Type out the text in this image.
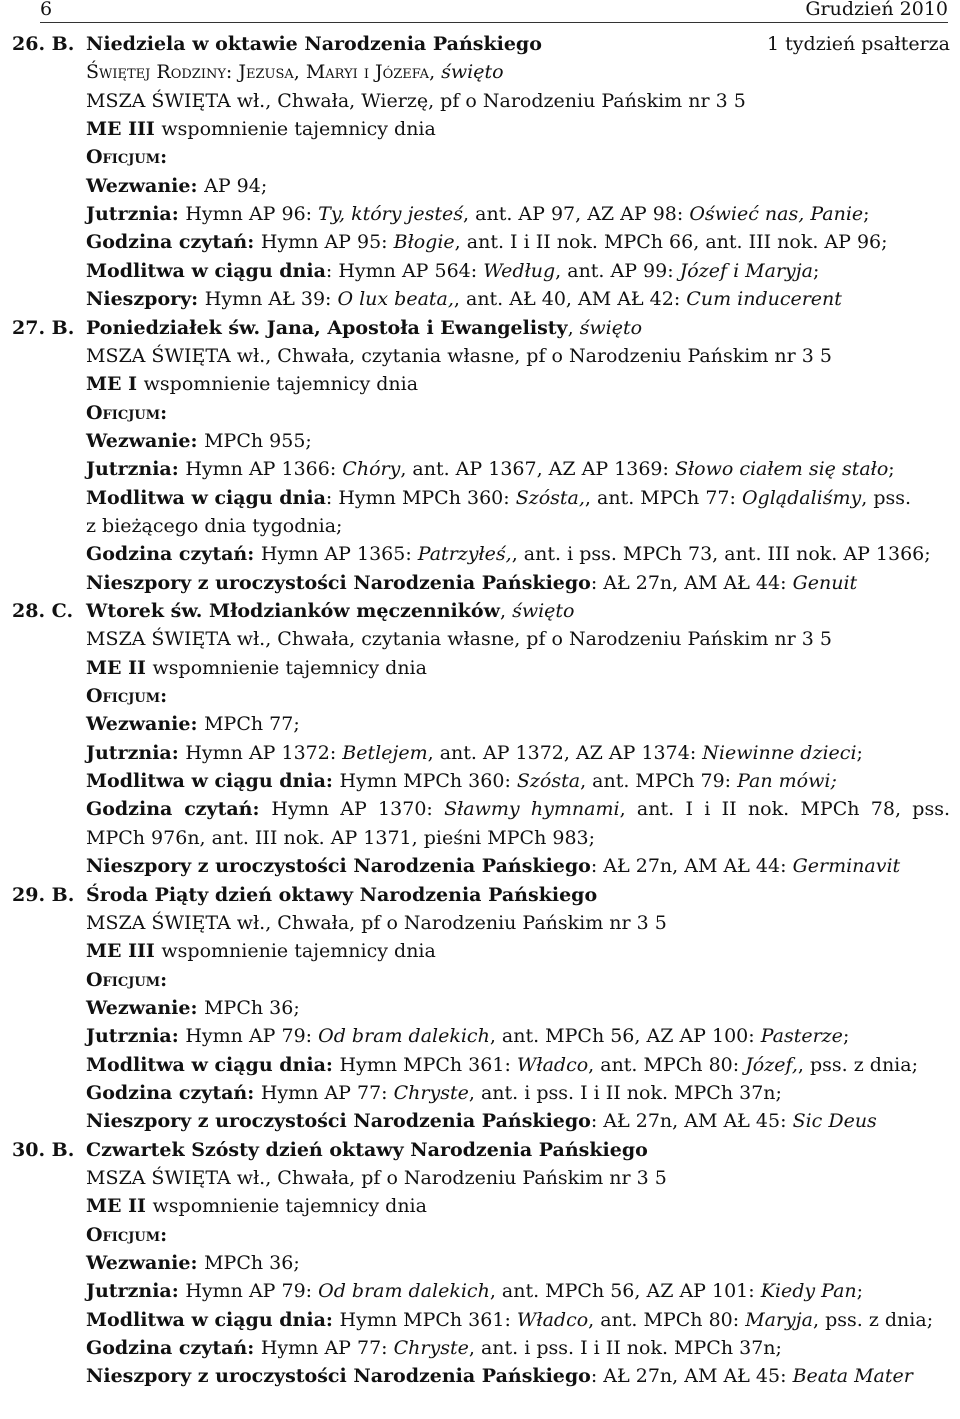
6	Grudzień 2010
26. B. Niedziela w oktawie Narodzenia Pańskiego	1 tydzień psałterza
Świętej Rodziny: Jezusa, Maryi i Józefa, święto
MSZA ŚWIĘTA wł., Chwała, Wierzę, pf o Narodzeniu Pańskim nr 3 5
ME III wspomnienie tajemnicy dnia
Oficjum:
Wezwanie: AP 94;
Jutrznia: Hymn AP 96: Ty, który jesteś, ant. AP 97, AZ AP 98: Oświeć nas, Panie;
Godzina czytań: Hymn AP 95: Błogie, ant. I i II nok. MPCh 66, ant. III nok. AP 96;
Modlitwa w ciągu dnia: Hymn AP 564: Według, ant. AP 99: Józef i Maryja;
Nieszpory: Hymn AŁ 39: O lux beata,, ant. AŁ 40, AM AŁ 42: Cum inducerent
27. B. Poniedziałek św. Jana, Apostoła i Ewangelisty, święto
MSZA ŚWIĘTA wł., Chwała, czytania własne, pf o Narodzeniu Pańskim nr 3 5
ME I wspomnienie tajemnicy dnia
Oficjum:
Wezwanie: MPCh 955;
Jutrznia: Hymn AP 1366: Chóry, ant. AP 1367, AZ AP 1369: Słowo ciałem się stało;
Modlitwa w ciągu dnia: Hymn MPCh 360: Szósta,, ant. MPCh 77: Oglądaliśmy, pss.
z bieżącego dnia tygodnia;
Godzina czytań: Hymn AP 1365: Patrzyłeś,, ant. i pss. MPCh 73, ant. III nok. AP 1366;
Nieszpory z uroczystości Narodzenia Pańskiego: AŁ 27n, AM AŁ 44: Genuit
28. C. Wtorek św. Młodzianków męczenników, święto
MSZA ŚWIĘTA wł., Chwała, czytania własne, pf o Narodzeniu Pańskim nr 3 5
ME II wspomnienie tajemnicy dnia
Oficjum:
Wezwanie: MPCh 77;
Jutrznia: Hymn AP 1372: Betlejem, ant. AP 1372, AZ AP 1374: Niewinne dzieci;
Modlitwa w ciągu dnia: Hymn MPCh 360: Szósta, ant. MPCh 79: Pan mówi;
Godzina czytań: Hymn AP 1370: Sławmy hymnami, ant. I i II nok. MPCh 78, pss.
MPCh 976n, ant. III nok. AP 1371, pieśni MPCh 983;
Nieszpory z uroczystości Narodzenia Pańskiego: AŁ 27n, AM AŁ 44: Germinavit
29. B. Środa Piąty dzień oktawy Narodzenia Pańskiego
MSZA ŚWIĘTA wł., Chwała, pf o Narodzeniu Pańskim nr 3 5
ME III wspomnienie tajemnicy dnia
Oficjum:
Wezwanie: MPCh 36;
Jutrznia: Hymn AP 79: Od bram dalekich, ant. MPCh 56, AZ AP 100: Pasterze;
Modlitwa w ciągu dnia: Hymn MPCh 361: Władco, ant. MPCh 80: Józef,, pss. z dnia;
Godzina czytań: Hymn AP 77: Chryste, ant. i pss. I i II nok. MPCh 37n;
Nieszpory z uroczystości Narodzenia Pańskiego: AŁ 27n, AM AŁ 45: Sic Deus
30. B. Czwartek Szósty dzień oktawy Narodzenia Pańskiego
MSZA ŚWIĘTA wł., Chwała, pf o Narodzeniu Pańskim nr 3 5
ME II wspomnienie tajemnicy dnia
Oficjum:
Wezwanie: MPCh 36;
Jutrznia: Hymn AP 79: Od bram dalekich, ant. MPCh 56, AZ AP 101: Kiedy Pan;
Modlitwa w ciągu dnia: Hymn MPCh 361: Władco, ant. MPCh 80: Maryja, pss. z dnia;
Godzina czytań: Hymn AP 77: Chryste, ant. i pss. I i II nok. MPCh 37n;
Nieszpory z uroczystości Narodzenia Pańskiego: AŁ 27n, AM AŁ 45: Beata Mater
